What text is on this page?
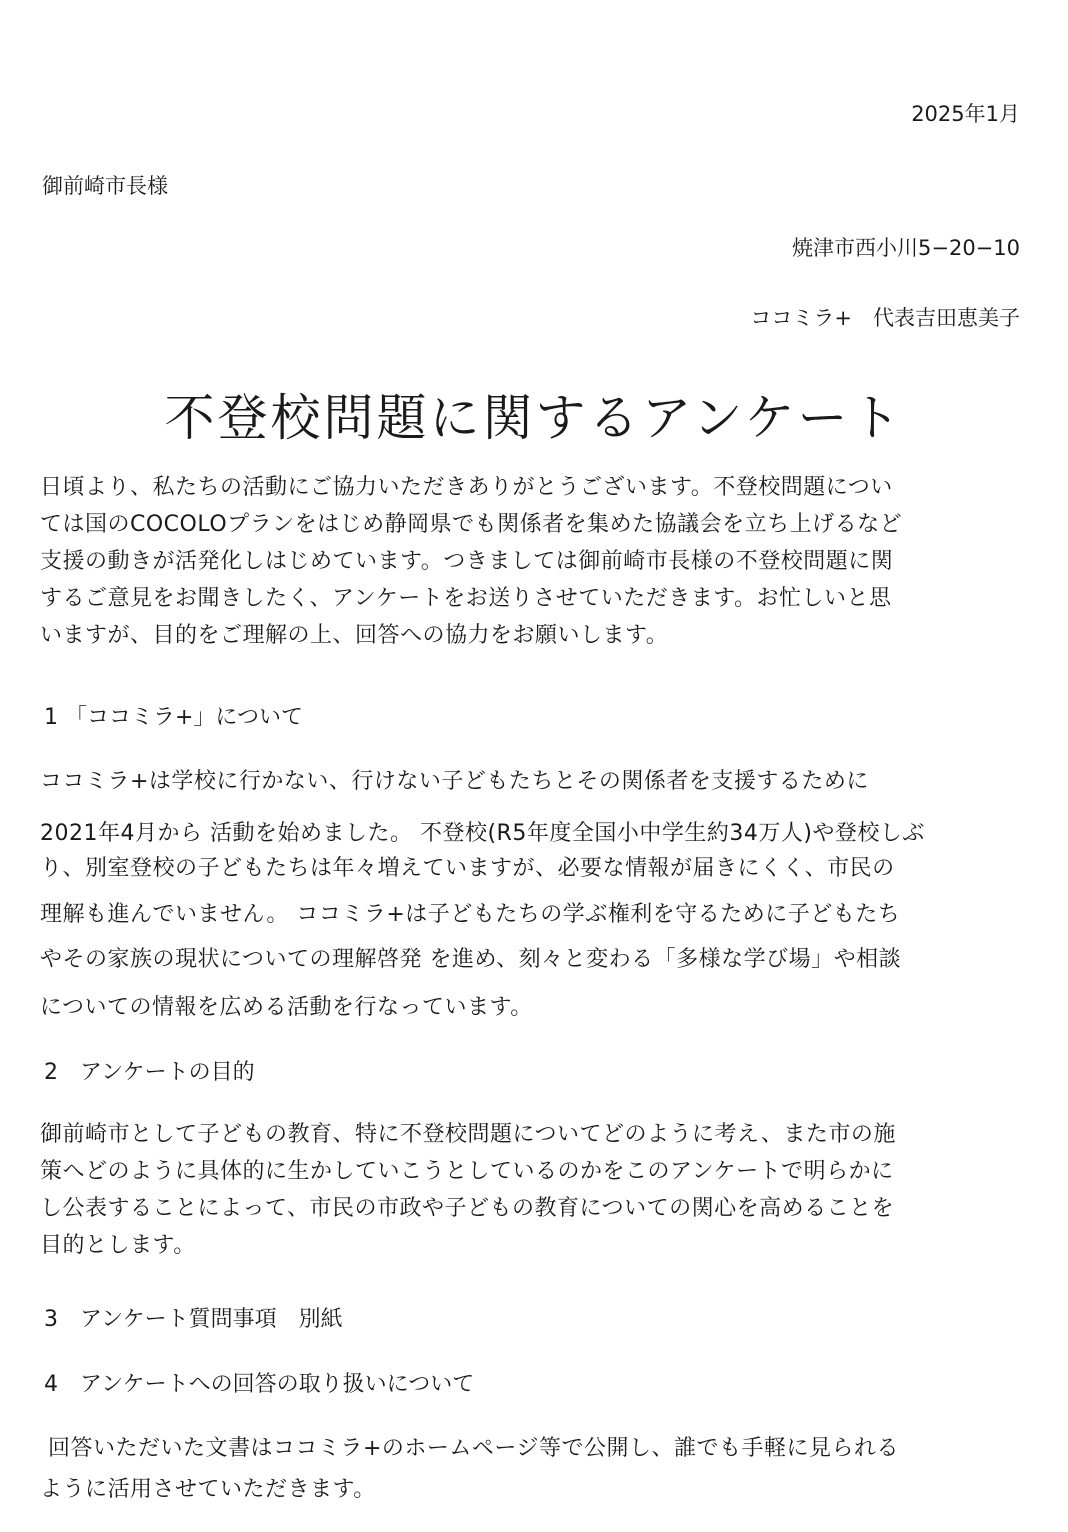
2025年1月
御前崎市長様
焼津市西小川5−20−10
ココミラ+　代表吉田恵美子
不登校問題に関するアンケート
日頃より、私たちの活動にご協力いただきありがとうございます。不登校問題につい
ては国のCOCOLOプランをはじめ静岡県でも関係者を集めた協議会を立ち上げるなど
支援の動きが活発化しはじめています。つきましては御前崎市長様の不登校問題に関
するご意見をお聞きしたく、アンケートをお送りさせていただきます。お忙しいと思
いますが、目的をご理解の上、回答への協力をお願いします。
1 「ココミラ+」について
ココミラ+は学校に行かない、行けない子どもたちとその関係者を支援するために
2021年4月から 活動を始めました。 不登校(R5年度全国小中学生約34万人)や登校しぶ
り、別室登校の子どもたちは年々増えていますが、必要な情報が届きにくく、市民の
理解も進んでいません。 ココミラ+は子どもたちの学ぶ権利を守るために子どもたち
やその家族の現状についての理解啓発 を進め、刻々と変わる「多様な学び場」や相談
についての情報を広める活動を行なっています。
2　アンケートの目的
御前崎市として子どもの教育、特に不登校問題についてどのように考え、また市の施
策へどのように具体的に生かしていこうとしているのかをこのアンケートで明らかに
し公表することによって、市民の市政や子どもの教育についての関心を高めることを
目的とします。
3　アンケート質問事項　別紙
4　アンケートへの回答の取り扱いについて
回答いただいた文書はココミラ+のホームページ等で公開し、誰でも手軽に見られる
ように活用させていただきます。
